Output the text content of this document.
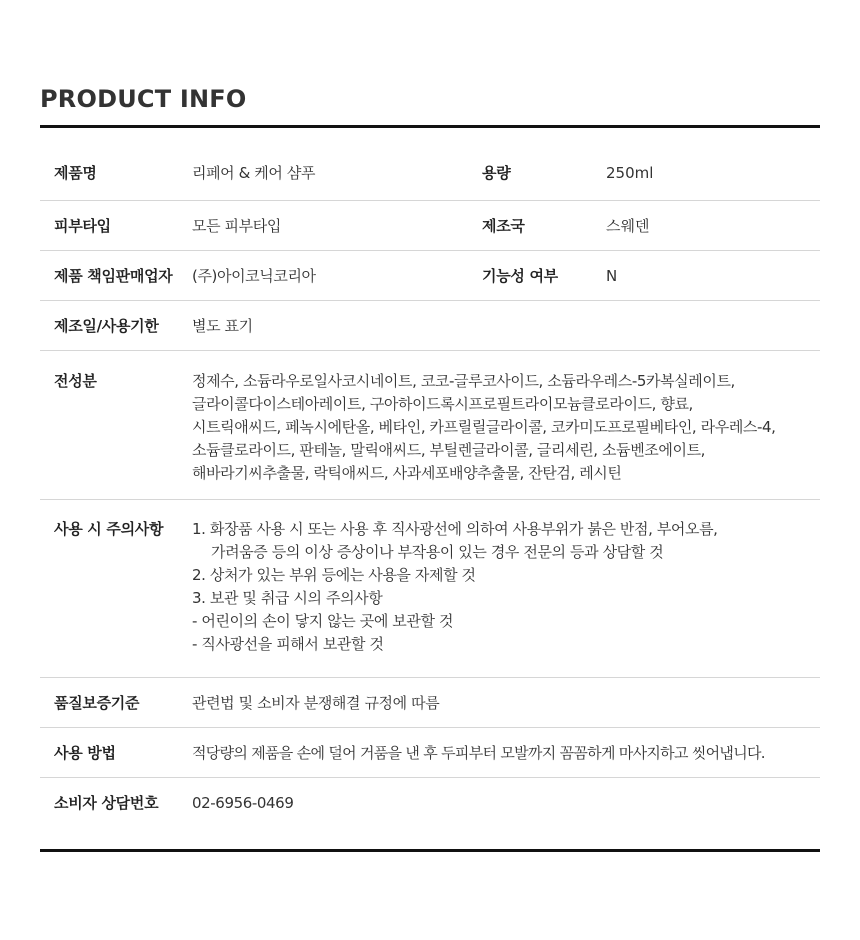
PRODUCT INFO
제품명	리페어 & 케어 샴푸	용량	250ml
피부타입	모든 피부타입	제조국	스웨덴
제품 책임판매업자	(주)아이코닉코리아	기능성 여부	N
제조일/사용기한	별도 표기
전성분	정제수, 소듐라우로일사코시네이트, 코코-글루코사이드, 소듐라우레스-5카복실레이트,
글라이콜다이스테아레이트, 구아하이드록시프로필트라이모늄클로라이드, 향료,
시트릭애씨드, 페녹시에탄올, 베타인, 카프릴릴글라이콜, 코카미도프로필베타인, 라우레스-4,
소듐클로라이드, 판테놀, 말릭애씨드, 부틸렌글라이콜, 글리세린, 소듐벤조에이트,
해바라기씨추출물, 락틱애씨드, 사과세포배양추출물, 잔탄검, 레시틴
사용 시 주의사항	1. 화장품 사용 시 또는 사용 후 직사광선에 의하여 사용부위가 붉은 반점, 부어오름,
가려움증 등의 이상 증상이나 부작용이 있는 경우 전문의 등과 상담할 것
2. 상처가 있는 부위 등에는 사용을 자제할 것
3. 보관 및 취급 시의 주의사항
- 어린이의 손이 닿지 않는 곳에 보관할 것
- 직사광선을 피해서 보관할 것
품질보증기준	관련법 및 소비자 분쟁해결 규정에 따름
사용 방법	적당량의 제품을 손에 덜어 거품을 낸 후 두피부터 모발까지 꼼꼼하게 마사지하고 씻어냅니다.
소비자 상담번호	02-6956-0469
